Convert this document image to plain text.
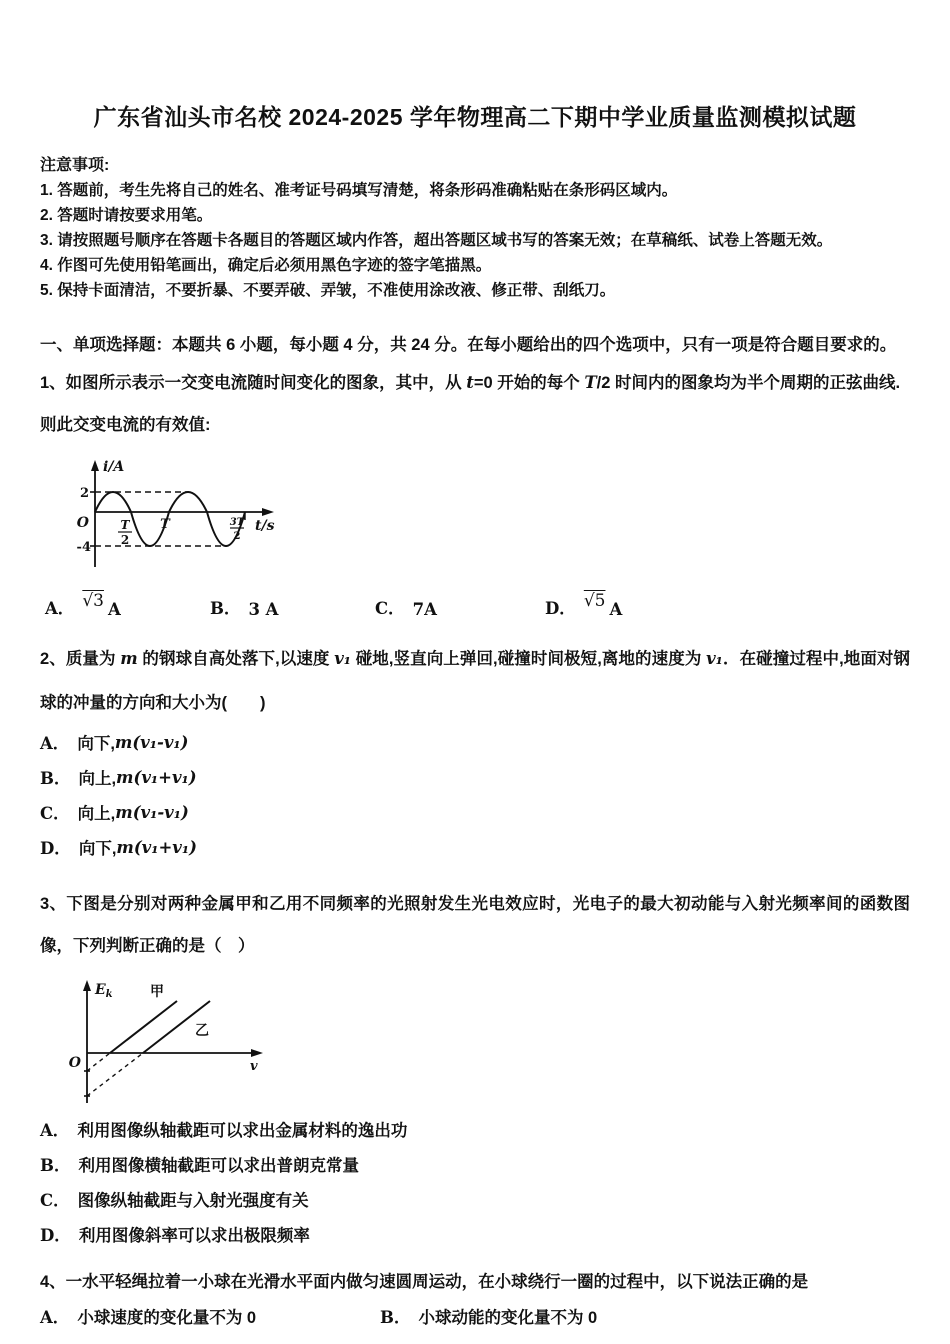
广东省汕头市名校 2024-2025 学年物理高二下期中学业质量监测模拟试题
注意事项:
1. 答题前，考生先将自己的姓名、准考证号码填写清楚，将条形码准确粘贴在条形码区域内。
2. 答题时请按要求用笔。
3. 请按照题号顺序在答题卡各题目的答题区域内作答，超出答题区域书写的答案无效；在草稿纸、试卷上答题无效。
4. 作图可先使用铅笔画出，确定后必须用黑色字迹的签字笔描黑。
5. 保持卡面清洁，不要折暴、不要弄破、弄皱，不准使用涂改液、修正带、刮纸刀。
一、单项选择题：本题共 6 小题，每小题 4 分，共 24 分。在每小题给出的四个选项中，只有一项是符合题目要求的。

1、如图所示表示一交变电流随时间变化的图象，其中，从 t=0 开始的每个 T/2 时间内的图象均为半个周期的正弦曲线.

则此交变电流的有效值:

i/A
2
O
-4
T
2
T	3T
2
t/s
A． √3 A	B． 3 A	C． 7A	D． √5 A

2、质量为 m 的钢球自高处落下,以速度 v₁ 碰地,竖直向上弹回,碰撞时间极短,离地的速度为 v₁．在碰撞过程中,地面对钢球的冲量的方向和大小为(　　)

A． 向下, m(v₁-v₁)
B． 向上, m(v₁+v₁)
C． 向上, m(v₁-v₁)
D． 向下, m(v₁+v₁)

3、下图是分别对两种金属甲和乙用不同频率的光照射发生光电效应时，光电子的最大初动能与入射光频率间的函数图像，下列判断正确的是（　）

$E_k$
O	v
甲
乙
A． 利用图像纵轴截距可以求出金属材料的逸出功
B． 利用图像横轴截距可以求出普朗克常量
C． 图像纵轴截距与入射光强度有关
D． 利用图像斜率可以求出极限频率

4、一水平轻绳拉着一小球在光滑水平面内做匀速圆周运动，在小球绕行一圈的过程中，以下说法正确的是

A． 小球速度的变化量不为 0	B． 小球动能的变化量不为 0
